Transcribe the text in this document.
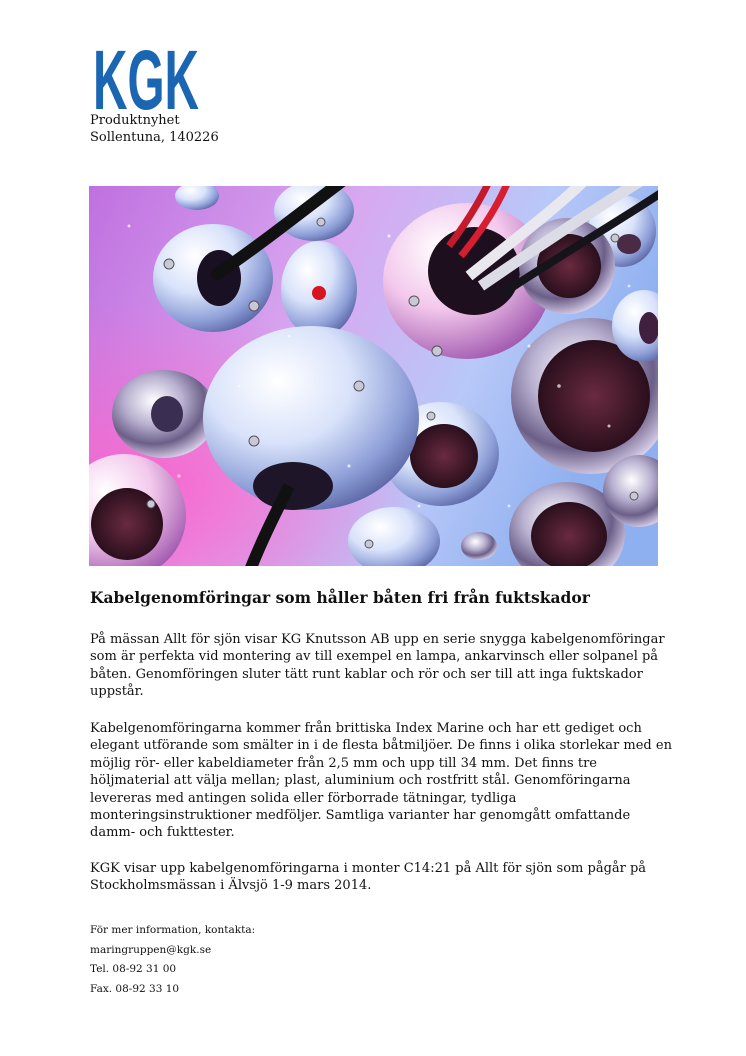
KGK
Produktnyhet
Sollentuna, 140226
Kabelgenomföringar som håller båten fri från fuktskador

På mässan Allt för sjön visar KG Knutsson AB upp en serie snygga kabelgenomföringar
som är perfekta vid montering av till exempel en lampa, ankarvinsch eller solpanel på
båten. Genomföringen sluter tätt runt kablar och rör och ser till att inga fuktskador
uppstår.

Kabelgenomföringarna kommer från brittiska Index Marine och har ett gediget och
elegant utförande som smälter in i de flesta båtmiljöer. De finns i olika storlekar med en
möjlig rör- eller kabeldiameter från 2,5 mm och upp till 34 mm. Det finns tre
höljmaterial att välja mellan; plast, aluminium och rostfritt stål. Genomföringarna
levereras med antingen solida eller förborrade tätningar, tydliga
monteringsinstruktioner medföljer. Samtliga varianter har genomgått omfattande
damm- och fukttester.

KGK visar upp kabelgenomföringarna i monter C14:21 på Allt för sjön som pågår på
Stockholmsmässan i Älvsjö 1-9 mars 2014.

För mer information, kontakta:
maringruppen@kgk.se
Tel. 08-92 31 00
Fax. 08-92 33 10
